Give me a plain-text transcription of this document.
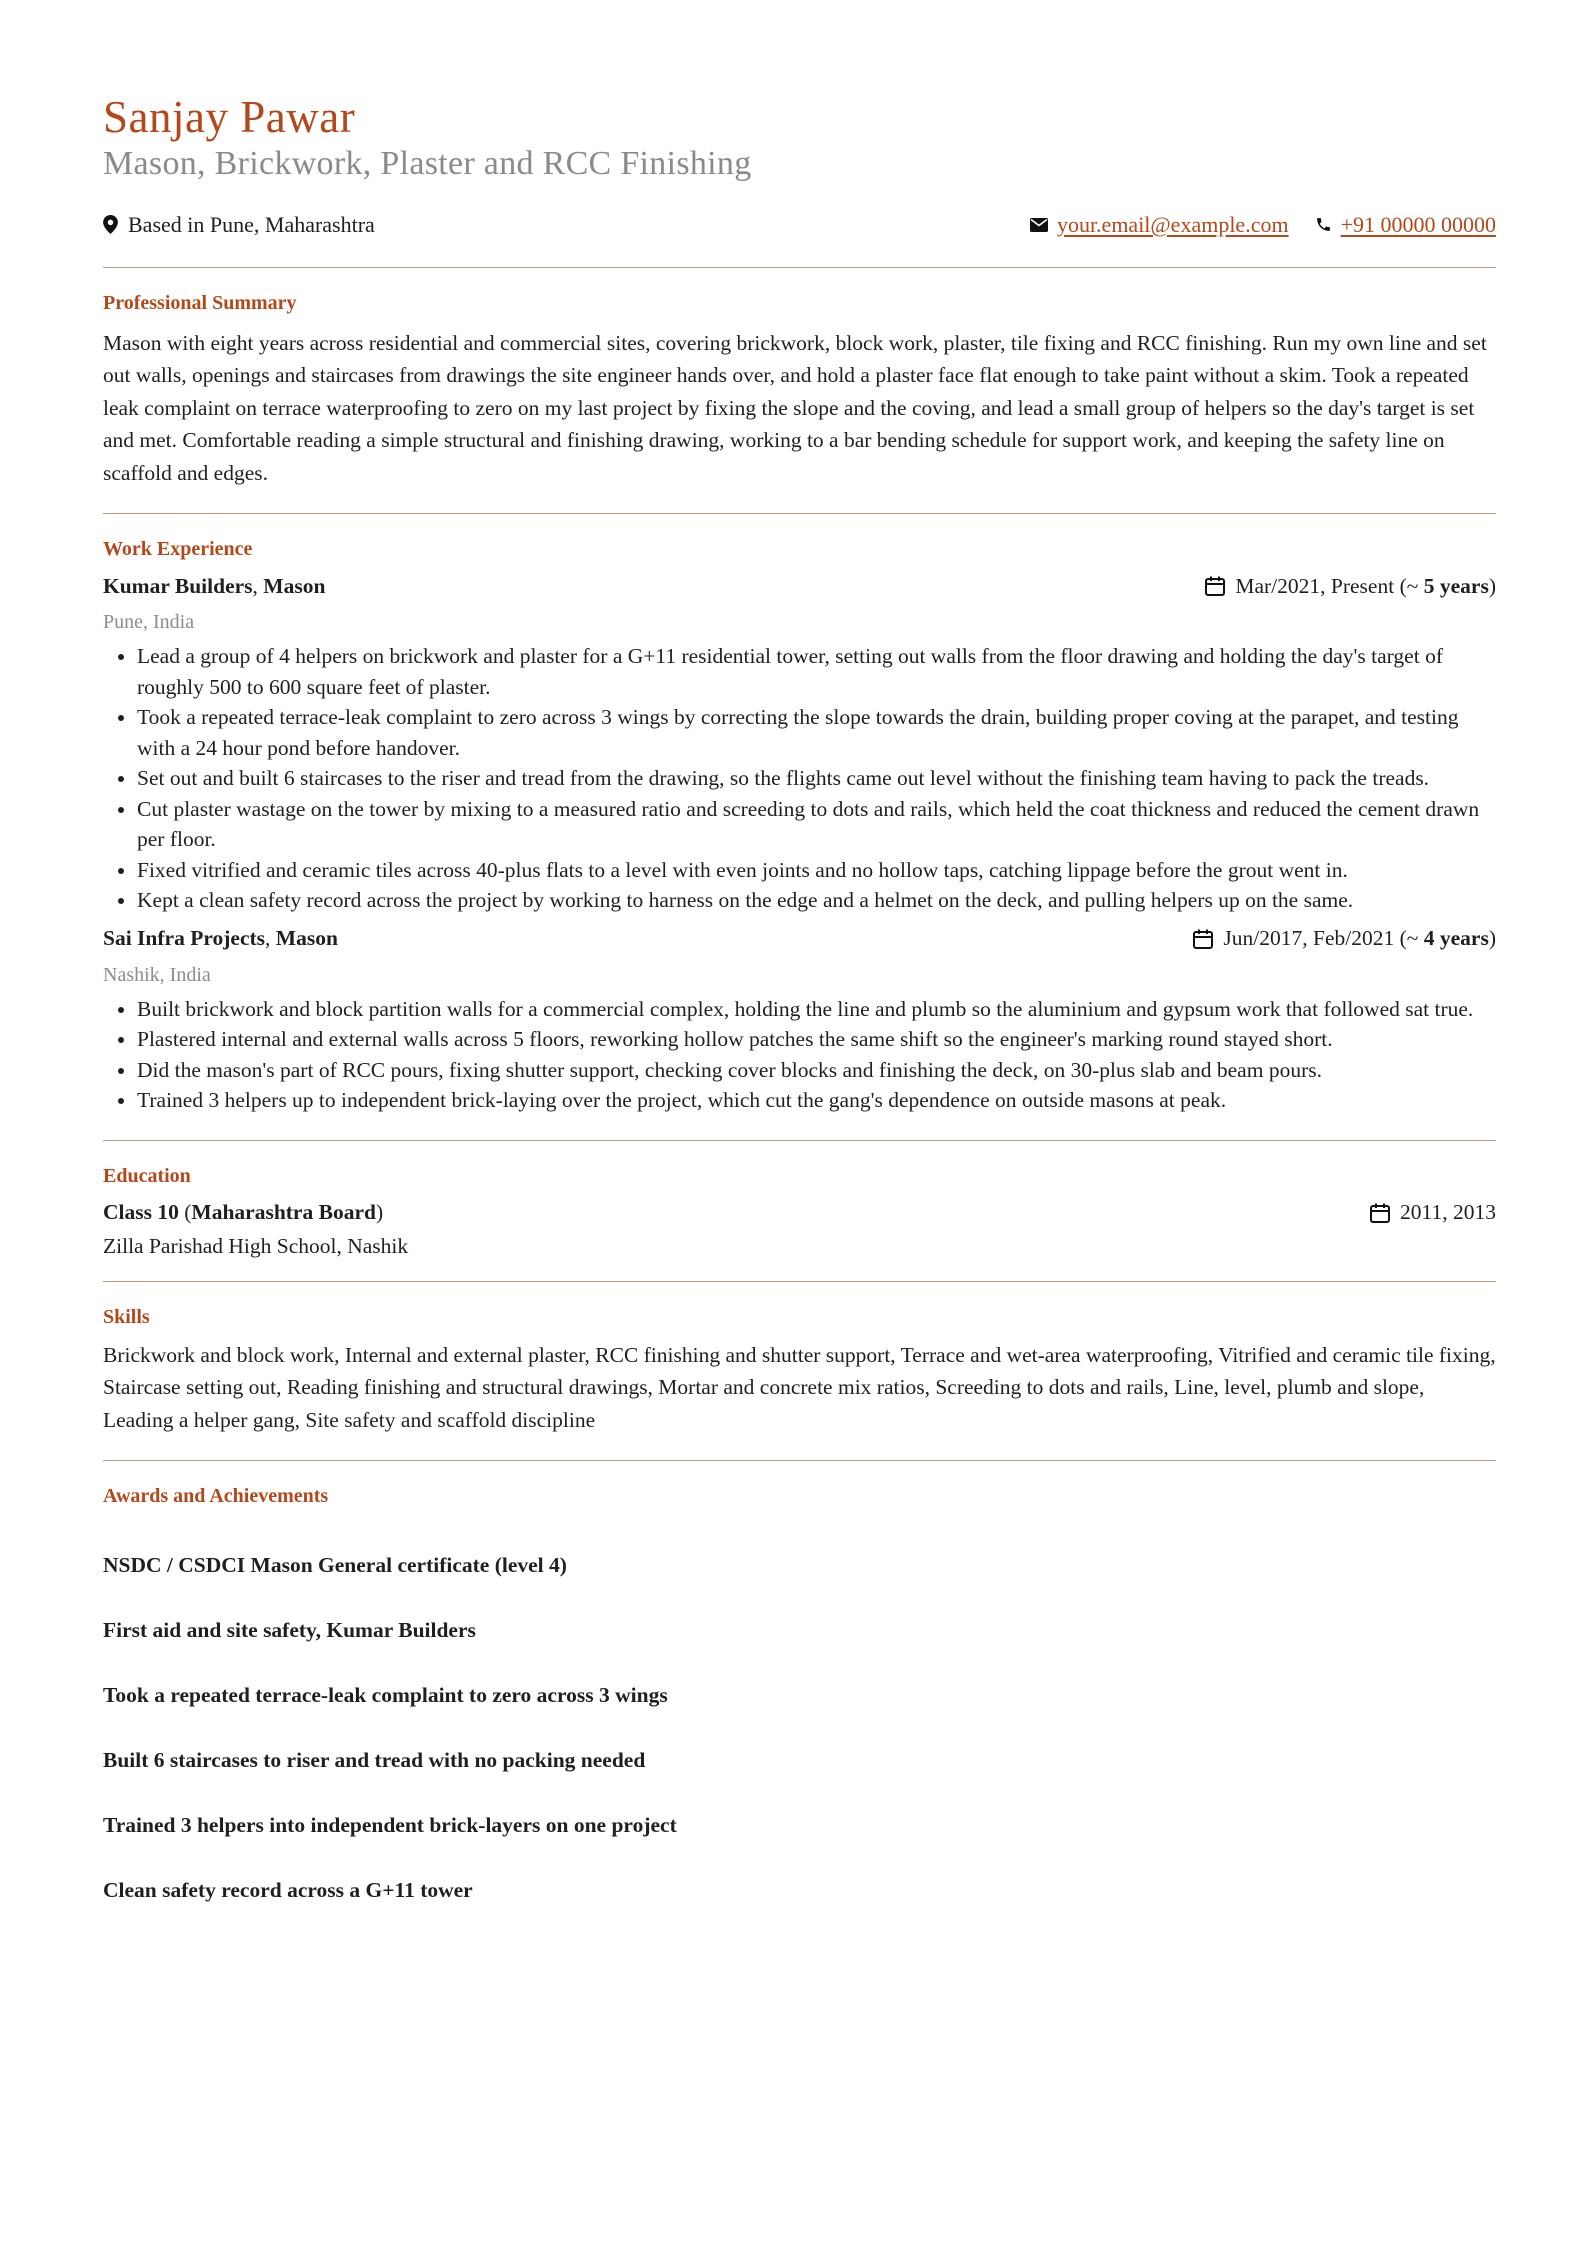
Sanjay Pawar
Mason, Brickwork, Plaster and RCC Finishing
Based in Pune, Maharashtra	your.email@example.com +91 00000 00000
Professional Summary

Mason with eight years across residential and commercial sites, covering brickwork, block work, plaster, tile fixing and RCC finishing. Run my own line and set out walls, openings and staircases from drawings the site engineer hands over, and hold a plaster face flat enough to take paint without a skim. Took a repeated leak complaint on terrace waterproofing to zero on my last project by fixing the slope and the coving, and lead a small group of helpers so the day's target is set and met. Comfortable reading a simple structural and finishing drawing, working to a bar bending schedule for support work, and keeping the safety line on scaffold and edges.

Work Experience
Kumar Builders, Mason	Mar/2021, Present (~ 5 years)
Pune, India
• Lead a group of 4 helpers on brickwork and plaster for a G+11 residential tower, setting out walls from the floor drawing and holding the day's target of roughly 500 to 600 square feet of plaster.
• Took a repeated terrace-leak complaint to zero across 3 wings by correcting the slope towards the drain, building proper coving at the parapet, and testing with a 24 hour pond before handover.
• Set out and built 6 staircases to the riser and tread from the drawing, so the flights came out level without the finishing team having to pack the treads.
• Cut plaster wastage on the tower by mixing to a measured ratio and screeding to dots and rails, which held the coat thickness and reduced the cement drawn per floor.
• Fixed vitrified and ceramic tiles across 40-plus flats to a level with even joints and no hollow taps, catching lippage before the grout went in.
• Kept a clean safety record across the project by working to harness on the edge and a helmet on the deck, and pulling helpers up on the same.
Sai Infra Projects, Mason	Jun/2017, Feb/2021 (~ 4 years)
Nashik, India
• Built brickwork and block partition walls for a commercial complex, holding the line and plumb so the aluminium and gypsum work that followed sat true.
• Plastered internal and external walls across 5 floors, reworking hollow patches the same shift so the engineer's marking round stayed short.
• Did the mason's part of RCC pours, fixing shutter support, checking cover blocks and finishing the deck, on 30-plus slab and beam pours.
• Trained 3 helpers up to independent brick-laying over the project, which cut the gang's dependence on outside masons at peak.
Education
Class 10 (Maharashtra Board)	2011, 2013
Zilla Parishad High School, Nashik
Skills

Brickwork and block work, Internal and external plaster, RCC finishing and shutter support, Terrace and wet-area waterproofing, Vitrified and ceramic tile fixing, Staircase setting out, Reading finishing and structural drawings, Mortar and concrete mix ratios, Screeding to dots and rails, Line, level, plumb and slope, Leading a helper gang, Site safety and scaffold discipline

Awards and Achievements

NSDC / CSDCI Mason General certificate (level 4)

First aid and site safety, Kumar Builders

Took a repeated terrace-leak complaint to zero across 3 wings

Built 6 staircases to riser and tread with no packing needed

Trained 3 helpers into independent brick-layers on one project

Clean safety record across a G+11 tower
